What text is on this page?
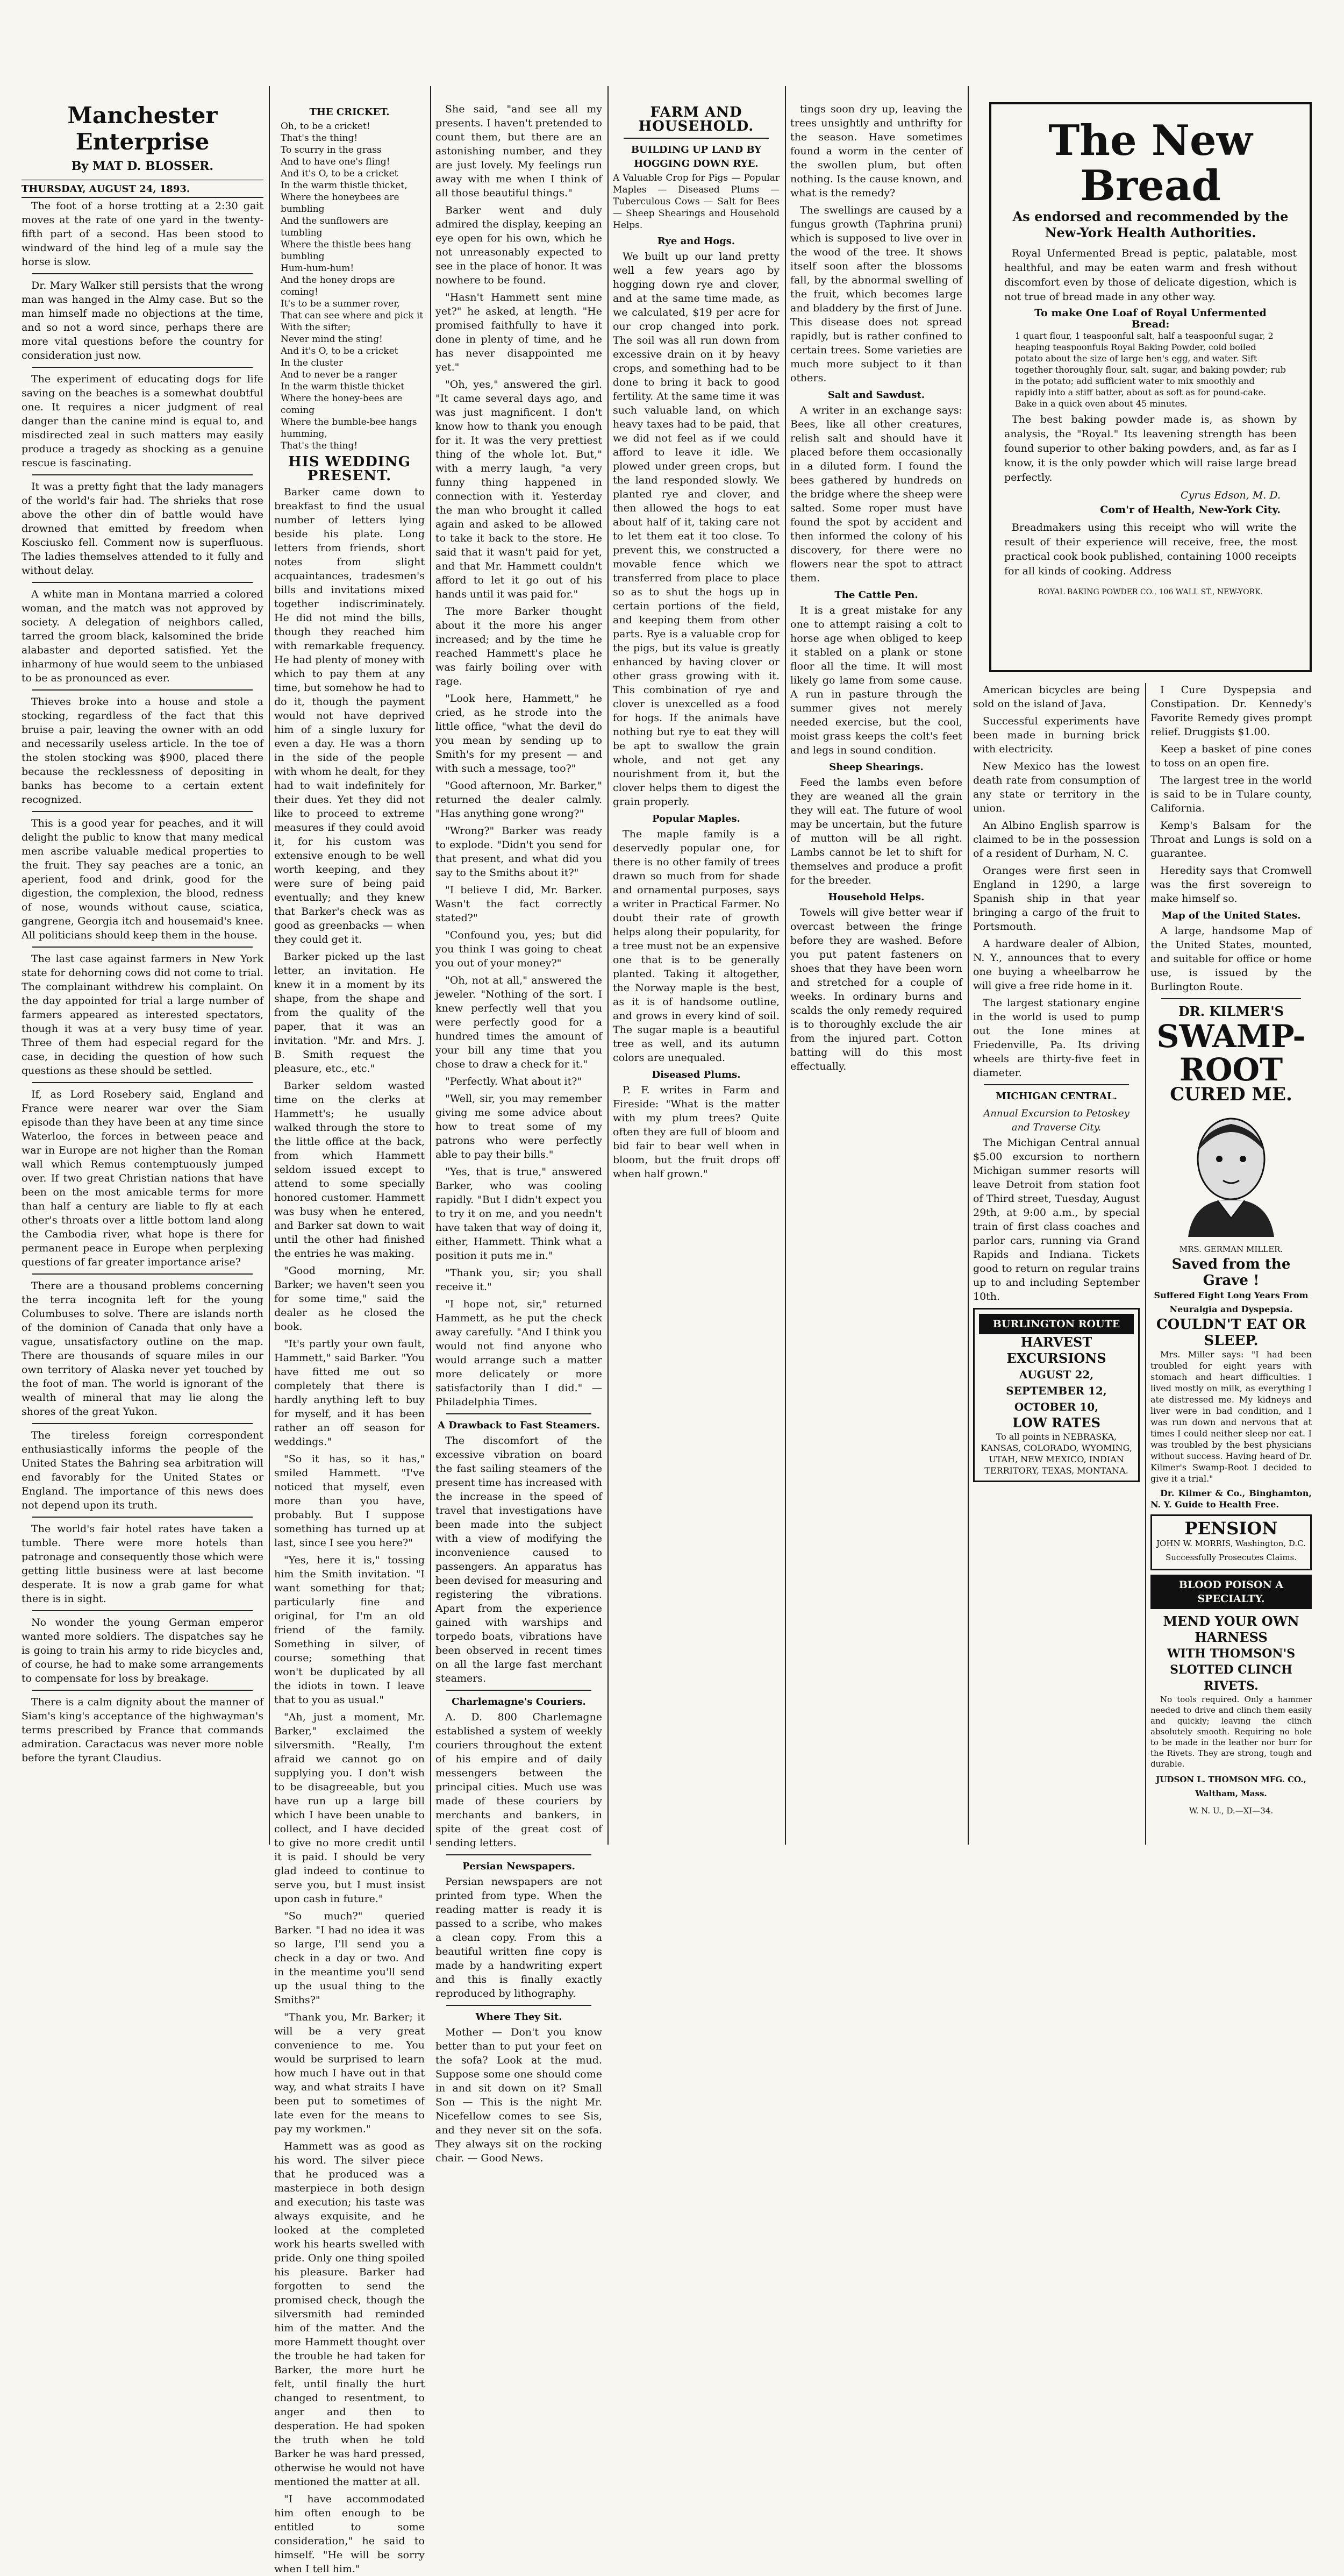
Manchester Enterprise
By MAT D. BLOSSER.
THURSDAY, AUGUST 24, 1893.

The foot of a horse trotting at a 2:30 gait moves at the rate of one yard in the twenty-fifth part of a second. Has been stood to windward of the hind leg of a mule say the horse is slow.

Dr. Mary Walker still persists that the wrong man was hanged in the Almy case. But so the man himself made no objections at the time, and so not a word since, perhaps there are more vital questions before the country for consideration just now.

The experiment of educating dogs for life saving on the beaches is a somewhat doubtful one. It requires a nicer judgment of real danger than the canine mind is equal to, and misdirected zeal in such matters may easily produce a tragedy as shocking as a genuine rescue is fascinating.

It was a pretty fight that the lady managers of the world's fair had. The shrieks that rose above the other din of battle would have drowned that emitted by freedom when Kosciusko fell. Comment now is superfluous. The ladies themselves attended to it fully and without delay.

A white man in Montana married a colored woman, and the match was not approved by society. A delegation of neighbors called, tarred the groom black, kalsomined the bride alabaster and deported satisfied. Yet the inharmony of hue would seem to the unbiased to be as pronounced as ever.

Thieves broke into a house and stole a stocking, regardless of the fact that this bruise a pair, leaving the owner with an odd and necessarily useless article. In the toe of the stolen stocking was $900, placed there because the recklessness of depositing in banks has become to a certain extent recognized.

This is a good year for peaches, and it will delight the public to know that many medical men ascribe valuable medical properties to the fruit. They say peaches are a tonic, an aperient, food and drink, good for the digestion, the complexion, the blood, redness of nose, wounds without cause, sciatica, gangrene, Georgia itch and housemaid's knee. All politicians should keep them in the house.

The last case against farmers in New York state for dehorning cows did not come to trial. The complainant withdrew his complaint. On the day appointed for trial a large number of farmers appeared as interested spectators, though it was at a very busy time of year. Three of them had especial regard for the case, in deciding the question of how such questions as these should be settled.

If, as Lord Rosebery said, England and France were nearer war over the Siam episode than they have been at any time since Waterloo, the forces in between peace and war in Europe are not higher than the Roman wall which Remus contemptuously jumped over. If two great Christian nations that have been on the most amicable terms for more than half a century are liable to fly at each other's throats over a little bottom land along the Cambodia river, what hope is there for permanent peace in Europe when perplexing questions of far greater importance arise?

There are a thousand problems concerning the terra incognita left for the young Columbuses to solve. There are islands north of the dominion of Canada that only have a vague, unsatisfactory outline on the map. There are thousands of square miles in our own territory of Alaska never yet touched by the foot of man. The world is ignorant of the wealth of mineral that may lie along the shores of the great Yukon.

The tireless foreign correspondent enthusiastically informs the people of the United States the Bahring sea arbitration will end favorably for the United States or England. The importance of this news does not depend upon its truth.

The world's fair hotel rates have taken a tumble. There were more hotels than patronage and consequently those which were getting little business were at last become desperate. It is now a grab game for what there is in sight.

No wonder the young German emperor wanted more soldiers. The dispatches say he is going to train his army to ride bicycles and, of course, he had to make some arrangements to compensate for loss by breakage.

There is a calm dignity about the manner of Siam's king's acceptance of the highwayman's terms prescribed by France that commands admiration. Caractacus was never more noble before the tyrant Claudius.

THE CRICKET.
Oh, to be a cricket!
That's the thing!
To scurry in the grass
And to have one's fling!
And it's O, to be a cricket
In the warm thistle thicket,
Where the honeybees are bumbling
And the sunflowers are tumbling
Where the thistle bees hang bumbling
Hum-hum-hum!
And the honey drops are coming!
It's to be a summer rover,
That can see where and pick it
With the sifter;
Never mind the sting!
And it's O, to be a cricket
In the cluster
And to never be a ranger
In the warm thistle thicket
Where the honey-bees are coming
Where the bumble-bee hangs humming,
That's the thing!
HIS WEDDING PRESENT.

Barker came down to breakfast to find the usual number of letters lying beside his plate. Long letters from friends, short notes from slight acquaintances, tradesmen's bills and invitations mixed together indiscriminately. He did not mind the bills, though they reached him with remarkable frequency. He had plenty of money with which to pay them at any time, but somehow he had to do it, though the payment would not have deprived him of a single luxury for even a day. He was a thorn in the side of the people with whom he dealt, for they had to wait indefinitely for their dues. Yet they did not like to proceed to extreme measures if they could avoid it, for his custom was extensive enough to be well worth keeping, and they were sure of being paid eventually; and they knew that Barker's check was as good as greenbacks — when they could get it.

Barker picked up the last letter, an invitation. He knew it in a moment by its shape, from the shape and from the quality of the paper, that it was an invitation. "Mr. and Mrs. J. B. Smith request the pleasure, etc., etc."

Barker seldom wasted time on the clerks at Hammett's; he usually walked through the store to the little office at the back, from which Hammett seldom issued except to attend to some specially honored customer. Hammett was busy when he entered, and Barker sat down to wait until the other had finished the entries he was making.

"Good morning, Mr. Barker; we haven't seen you for some time," said the dealer as he closed the book.

"It's partly your own fault, Hammett," said Barker. "You have fitted me out so completely that there is hardly anything left to buy for myself, and it has been rather an off season for weddings."

"So it has, so it has," smiled Hammett. "I've noticed that myself, even more than you have, probably. But I suppose something has turned up at last, since I see you here?"

"Yes, here it is," tossing him the Smith invitation. "I want something for that; particularly fine and original, for I'm an old friend of the family. Something in silver, of course; something that won't be duplicated by all the idiots in town. I leave that to you as usual."

"Ah, just a moment, Mr. Barker," exclaimed the silversmith. "Really, I'm afraid we cannot go on supplying you. I don't wish to be disagreeable, but you have run up a large bill which I have been unable to collect, and I have decided to give no more credit until it is paid. I should be very glad indeed to continue to serve you, but I must insist upon cash in future."

"So much?" queried Barker. "I had no idea it was so large, I'll send you a check in a day or two. And in the meantime you'll send up the usual thing to the Smiths?"

"Thank you, Mr. Barker; it will be a very great convenience to me. You would be surprised to learn how much I have out in that way, and what straits I have been put to sometimes of late even for the means to pay my workmen."

Hammett was as good as his word. The silver piece that he produced was a masterpiece in both design and execution; his taste was always exquisite, and he looked at the completed work his hearts swelled with pride. Only one thing spoiled his pleasure. Barker had forgotten to send the promised check, though the silversmith had reminded him of the matter. And the more Hammett thought over the trouble he had taken for Barker, the more hurt he felt, until finally the hurt changed to resentment, to anger and then to desperation. He had spoken the truth when he told Barker he was hard pressed, otherwise he would not have mentioned the matter at all.

"I have accommodated him often enough to be entitled to some consideration," he said to himself. "He will be sorry when I tell him."

She said, "and see all my presents. I haven't pretended to count them, but there are an astonishing number, and they are just lovely. My feelings run away with me when I think of all those beautiful things."

Barker went and duly admired the display, keeping an eye open for his own, which he not unreasonably expected to see in the place of honor. It was nowhere to be found.

"Hasn't Hammett sent mine yet?" he asked, at length. "He promised faithfully to have it done in plenty of time, and he has never disappointed me yet."

"Oh, yes," answered the girl. "It came several days ago, and was just magnificent. I don't know how to thank you enough for it. It was the very prettiest thing of the whole lot. But," with a merry laugh, "a very funny thing happened in connection with it. Yesterday the man who brought it called again and asked to be allowed to take it back to the store. He said that it wasn't paid for yet, and that Mr. Hammett couldn't afford to let it go out of his hands until it was paid for."

The more Barker thought about it the more his anger increased; and by the time he reached Hammett's place he was fairly boiling over with rage.

"Look here, Hammett," he cried, as he strode into the little office, "what the devil do you mean by sending up to Smith's for my present — and with such a message, too?"

"Good afternoon, Mr. Barker," returned the dealer calmly. "Has anything gone wrong?"

"Wrong?" Barker was ready to explode. "Didn't you send for that present, and what did you say to the Smiths about it?"

"I believe I did, Mr. Barker. Wasn't the fact correctly stated?"

"Confound you, yes; but did you think I was going to cheat you out of your money?"

"Oh, not at all," answered the jeweler. "Nothing of the sort. I knew perfectly well that you were perfectly good for a hundred times the amount of your bill any time that you chose to draw a check for it."

"Perfectly. What about it?"

"Well, sir, you may remember giving me some advice about how to treat some of my patrons who were perfectly able to pay their bills."

"Yes, that is true," answered Barker, who was cooling rapidly. "But I didn't expect you to try it on me, and you needn't have taken that way of doing it, either, Hammett. Think what a position it puts me in."

"Thank you, sir; you shall receive it."

"I hope not, sir," returned Hammett, as he put the check away carefully. "And I think you would not find anyone who would arrange such a matter more delicately or more satisfactorily than I did." — Philadelphia Times.

A Drawback to Fast Steamers.

The discomfort of the excessive vibration on board the fast sailing steamers of the present time has increased with the increase in the speed of travel that investigations have been made into the subject with a view of modifying the inconvenience caused to passengers. An apparatus has been devised for measuring and registering the vibrations. Apart from the experience gained with warships and torpedo boats, vibrations have been observed in recent times on all the large fast merchant steamers.

Charlemagne's Couriers.

A. D. 800 Charlemagne established a system of weekly couriers throughout the extent of his empire and of daily messengers between the principal cities. Much use was made of these couriers by merchants and bankers, in spite of the great cost of sending letters.

Persian Newspapers.

Persian newspapers are not printed from type. When the reading matter is ready it is passed to a scribe, who makes a clean copy. From this a beautiful written fine copy is made by a handwriting expert and this is finally exactly reproduced by lithography.

Where They Sit.

Mother — Don't you know better than to put your feet on the sofa? Look at the mud. Suppose some one should come in and sit down on it? Small Son — This is the night Mr. Nicefellow comes to see Sis, and they never sit on the sofa. They always sit on the rocking chair. — Good News.

FARM AND HOUSEHOLD.
BUILDING UP LAND BY HOGGING DOWN RYE.

A Valuable Crop for Pigs — Popular Maples — Diseased Plums — Tuberculous Cows — Salt for Bees — Sheep Shearings and Household Helps.

Rye and Hogs.

We built up our land pretty well a few years ago by hogging down rye and clover, and at the same time made, as we calculated, $19 per acre for our crop changed into pork. The soil was all run down from excessive drain on it by heavy crops, and something had to be done to bring it back to good fertility. At the same time it was such valuable land, on which heavy taxes had to be paid, that we did not feel as if we could afford to leave it idle. We plowed under green crops, but the land responded slowly. We planted rye and clover, and then allowed the hogs to eat about half of it, taking care not to let them eat it too close. To prevent this, we constructed a movable fence which we transferred from place to place so as to shut the hogs up in certain portions of the field, and keeping them from other parts. Rye is a valuable crop for the pigs, but its value is greatly enhanced by having clover or other grass growing with it. This combination of rye and clover is unexcelled as a food for hogs. If the animals have nothing but rye to eat they will be apt to swallow the grain whole, and not get any nourishment from it, but the clover helps them to digest the grain properly.

Popular Maples.

The maple family is a deservedly popular one, for there is no other family of trees drawn so much from for shade and ornamental purposes, says a writer in Practical Farmer. No doubt their rate of growth helps along their popularity, for a tree must not be an expensive one that is to be generally planted. Taking it altogether, the Norway maple is the best, as it is of handsome outline, and grows in every kind of soil. The sugar maple is a beautiful tree as well, and its autumn colors are unequaled.

Diseased Plums.

P. F. writes in Farm and Fireside: "What is the matter with my plum trees? Quite often they are full of bloom and bid fair to bear well when in bloom, but the fruit drops off when half grown."

tings soon dry up, leaving the trees unsightly and unthrifty for the season. Have sometimes found a worm in the center of the swollen plum, but often nothing. Is the cause known, and what is the remedy?

The swellings are caused by a fungus growth (Taphrina pruni) which is supposed to live over in the wood of the tree. It shows itself soon after the blossoms fall, by the abnormal swelling of the fruit, which becomes large and bladdery by the first of June. This disease does not spread rapidly, but is rather confined to certain trees. Some varieties are much more subject to it than others.

Salt and Sawdust.

A writer in an exchange says: Bees, like all other creatures, relish salt and should have it placed before them occasionally in a diluted form. I found the bees gathered by hundreds on the bridge where the sheep were salted. Some roper must have found the spot by accident and then informed the colony of his discovery, for there were no flowers near the spot to attract them.

The Cattle Pen.

It is a great mistake for any one to attempt raising a colt to horse age when obliged to keep it stabled on a plank or stone floor all the time. It will most likely go lame from some cause. A run in pasture through the summer gives not merely needed exercise, but the cool, moist grass keeps the colt's feet and legs in sound condition.

Sheep Shearings.

Feed the lambs even before they are weaned all the grain they will eat. The future of wool may be uncertain, but the future of mutton will be all right. Lambs cannot be let to shift for themselves and produce a profit for the breeder.

Household Helps.

Towels will give better wear if overcast between the fringe before they are washed. Before you put patent fasteners on shoes that they have been worn and stretched for a couple of weeks. In ordinary burns and scalds the only remedy required is to thoroughly exclude the air from the injured part. Cotton batting will do this most effectually.

The New Bread
As endorsed and recommended by the New-York Health Authorities.

Royal Unfermented Bread is peptic, palatable, most healthful, and may be eaten warm and fresh without discomfort even by those of delicate digestion, which is not true of bread made in any other way.

To make One Loaf of Royal Unfermented Bread:
1 quart flour, 1 teaspoonful salt, half a teaspoonful sugar, 2 heaping teaspoonfuls Royal Baking Powder, cold boiled potato about the size of large hen's egg, and water. Sift together thoroughly flour, salt, sugar, and baking powder; rub in the potato; add sufficient water to mix smoothly and rapidly into a stiff batter, about as soft as for pound-cake. Bake in a quick oven about 45 minutes.

The best baking powder made is, as shown by analysis, the "Royal." Its leavening strength has been found superior to other baking powders, and, as far as I know, it is the only powder which will raise large bread perfectly.

Cyrus Edson, M. D.
Com'r of Health, New-York City.

Breadmakers using this receipt who will write the result of their experience will receive, free, the most practical cook book published, containing 1000 receipts for all kinds of cooking. Address

ROYAL BAKING POWDER CO., 106 WALL ST., NEW-YORK.

American bicycles are being sold on the island of Java.

Successful experiments have been made in burning brick with electricity.

New Mexico has the lowest death rate from consumption of any state or territory in the union.

An Albino English sparrow is claimed to be in the possession of a resident of Durham, N. C.

Oranges were first seen in England in 1290, a large Spanish ship in that year bringing a cargo of the fruit to Portsmouth.

A hardware dealer of Albion, N. Y., announces that to every one buying a wheelbarrow he will give a free ride home in it.

The largest stationary engine in the world is used to pump out the Ione mines at Friedenville, Pa. Its driving wheels are thirty-five feet in diameter.

MICHIGAN CENTRAL.
Annual Excursion to Petoskey and Traverse City.

The Michigan Central annual $5.00 excursion to northern Michigan summer resorts will leave Detroit from station foot of Third street, Tuesday, August 29th, at 9:00 a.m., by special train of first class coaches and parlor cars, running via Grand Rapids and Indiana. Tickets good to return on regular trains up to and including September 10th.

BURLINGTON ROUTE
HARVEST EXCURSIONS
AUGUST 22, SEPTEMBER 12, OCTOBER 10,
LOW RATES
To all points in NEBRASKA, KANSAS, COLORADO, WYOMING, UTAH, NEW MEXICO, INDIAN TERRITORY, TEXAS, MONTANA.

I Cure Dyspepsia and Constipation. Dr. Kennedy's Favorite Remedy gives prompt relief. Druggists $1.00.

Keep a basket of pine cones to toss on an open fire.

The largest tree in the world is said to be in Tulare county, California.

Kemp's Balsam for the Throat and Lungs is sold on a guarantee.

Heredity says that Cromwell was the first sovereign to make himself so.

Map of the United States.

A large, handsome Map of the United States, mounted, and suitable for office or home use, is issued by the Burlington Route.

DR. KILMER'S
SWAMP-ROOT
CURED ME.
MRS. GERMAN MILLER.
Saved from the Grave !
Suffered Eight Long Years From Neuralgia and Dyspepsia.
COULDN'T EAT OR SLEEP.

Mrs. Miller says: "I had been troubled for eight years with stomach and heart difficulties. I lived mostly on milk, as everything I ate distressed me. My kidneys and liver were in bad condition, and I was run down and nervous that at times I could neither sleep nor eat. I was troubled by the best physicians without success. Having heard of Dr. Kilmer's Swamp-Root I decided to give it a trial."

Dr. Kilmer & Co., Binghamton, N. Y. Guide to Health Free.

PENSION
JOHN W. MORRIS, Washington, D.C. Successfully Prosecutes Claims.
BLOOD POISON A SPECIALTY.
MEND YOUR OWN HARNESS
WITH THOMSON'S SLOTTED CLINCH RIVETS.

No tools required. Only a hammer needed to drive and clinch them easily and quickly; leaving the clinch absolutely smooth. Requiring no hole to be made in the leather nor burr for the Rivets. They are strong, tough and durable.

JUDSON L. THOMSON MFG. CO., Waltham, Mass.
W. N. U., D.—XI—34.
